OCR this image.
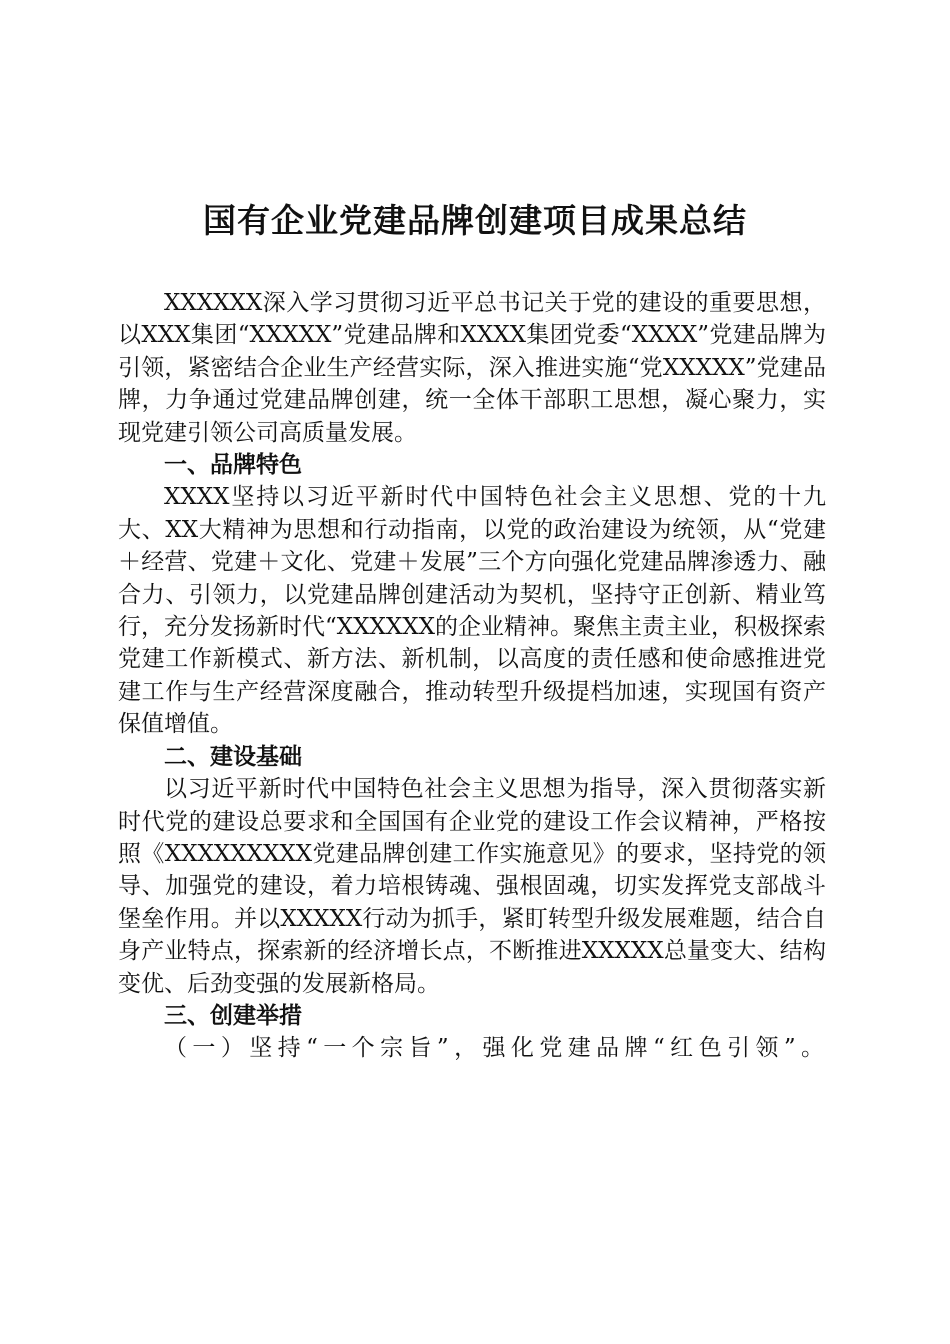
国有企业党建品牌创建项目成果总结

XXXXXX深入学习贯彻习近平总书记关于党的建设的重要思想，以XXX集团“XXXXX”党建品牌和XXXX集团党委“XXXX”党建品牌为引领，紧密结合企业生产经营实际，深入推进实施“党XXXXX”党建品牌，力争通过党建品牌创建，统一全体干部职工思想，凝心聚力，实现党建引领公司高质量发展。

一、品牌特色

XXXX坚持以习近平新时代中国特色社会主义思想、党的十九大、XX大精神为思想和行动指南，以党的政治建设为统领，从“党建＋经营、党建＋文化、党建＋发展”三个方向强化党建品牌渗透力、融合力、引领力，以党建品牌创建活动为契机，坚持守正创新、精业笃行，充分发扬新时代“XXXXXX的企业精神。聚焦主责主业，积极探索党建工作新模式、新方法、新机制，以高度的责任感和使命感推进党建工作与生产经营深度融合，推动转型升级提档加速，实现国有资产保值增值。

二、建设基础

以习近平新时代中国特色社会主义思想为指导，深入贯彻落实新时代党的建设总要求和全国国有企业党的建设工作会议精神，严格按照《XXXXXXXXX党建品牌创建工作实施意见》的要求，坚持党的领导、加强党的建设，着力培根铸魂、强根固魂，切实发挥党支部战斗堡垒作用。并以XXXXX行动为抓手，紧盯转型升级发展难题，结合自身产业特点，探索新的经济增长点，不断推进XXXXX总量变大、结构变优、后劲变强的发展新格局。

三、创建举措

（一）坚持“一个宗旨”，强化党建品牌“红色引领”。
